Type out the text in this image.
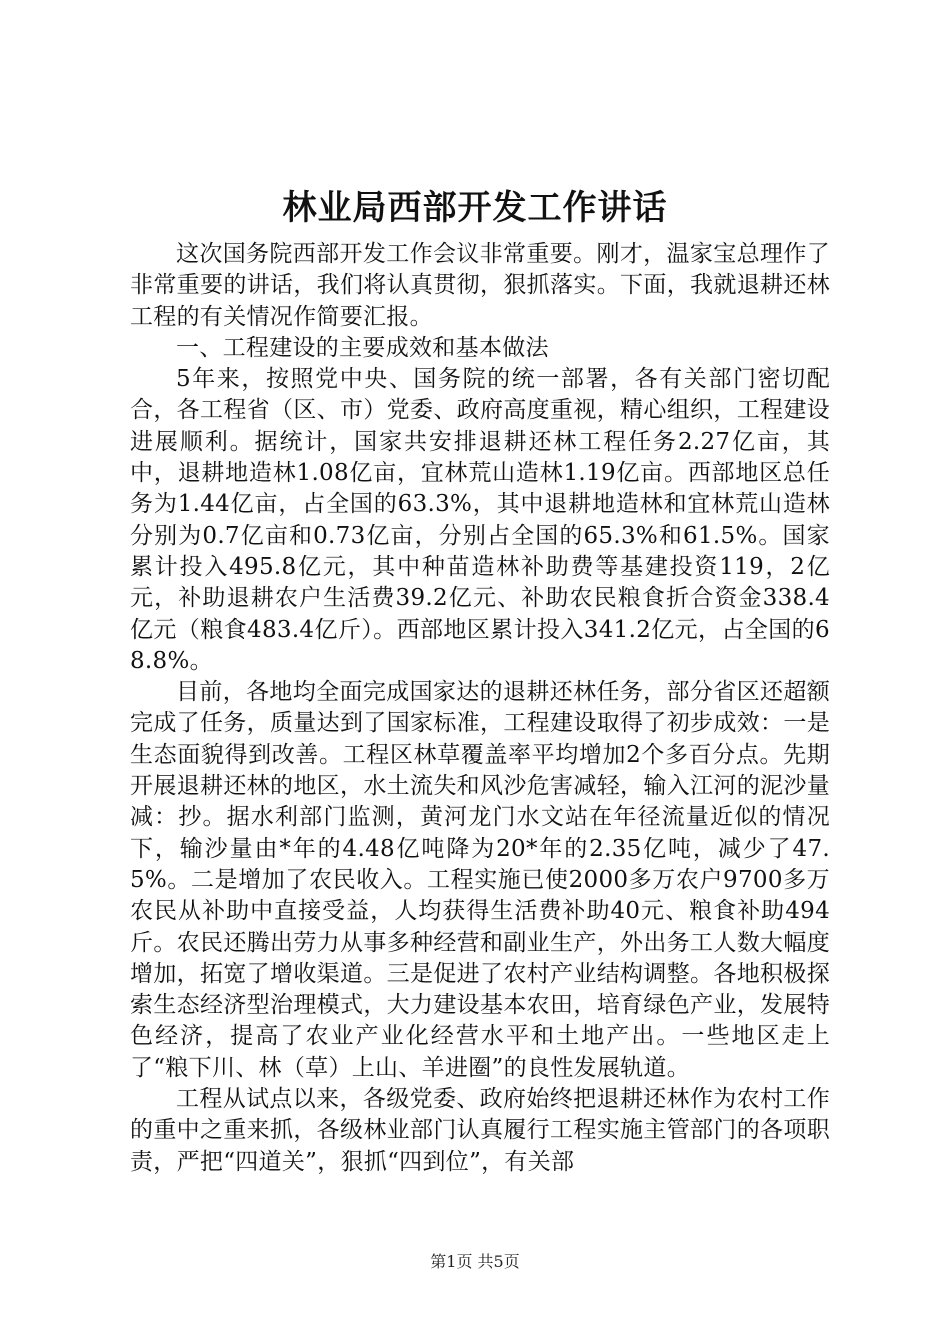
林业局西部开发工作讲话

这次国务院西部开发工作会议非常重要。刚才，温家宝总理作了非常重要的讲话，我们将认真贯彻，狠抓落实。下面，我就退耕还林工程的有关情况作简要汇报。

一、工程建设的主要成效和基本做法

5年来，按照党中央、国务院的统一部署，各有关部门密切配合，各工程省（区、市）党委、政府高度重视，精心组织，工程建设进展顺利。据统计，国家共安排退耕还林工程任务2.27亿亩，其中，退耕地造林1.08亿亩，宜林荒山造林1.19亿亩。西部地区总任务为1.44亿亩，占全国的63.3%，其中退耕地造林和宜林荒山造林分别为0.7亿亩和0.73亿亩，分别占全国的65.3%和61.5%。国家累计投入495.8亿元，其中种苗造林补助费等基建投资119，2亿元，补助退耕农户生活费39.2亿元、补助农民粮食折合资金338.4亿元（粮食483.4亿斤）。西部地区累计投入341.2亿元，占全国的68.8%。

目前，各地均全面完成国家达的退耕还林任务，部分省区还超额完成了任务，质量达到了国家标准，工程建设取得了初步成效：一是生态面貌得到改善。工程区林草覆盖率平均增加2个多百分点。先期开展退耕还林的地区，水土流失和风沙危害减轻，输入江河的泥沙量减：抄。据水利部门监测，黄河龙门水文站在年径流量近似的情况下，输沙量由*年的4.48亿吨降为20*年的2.35亿吨，减少了47.5%。二是增加了农民收入。工程实施已使2000多万农户9700多万农民从补助中直接受益，人均获得生活费补助40元、粮食补助494斤。农民还腾出劳力从事多种经营和副业生产，外出务工人数大幅度增加，拓宽了增收渠道。三是促进了农村产业结构调整。各地积极探索生态经济型治理模式，大力建设基本农田，培育绿色产业，发展特色经济，提高了农业产业化经营水平和土地产出。一些地区走上了“粮下川、林（草）上山、羊进圈”的良性发展轨道。

工程从试点以来，各级党委、政府始终把退耕还林作为农村工作的重中之重来抓，各级林业部门认真履行工程实施主管部门的各项职责，严把“四道关”，狠抓“四到位”，有关部

第1页 共5页
